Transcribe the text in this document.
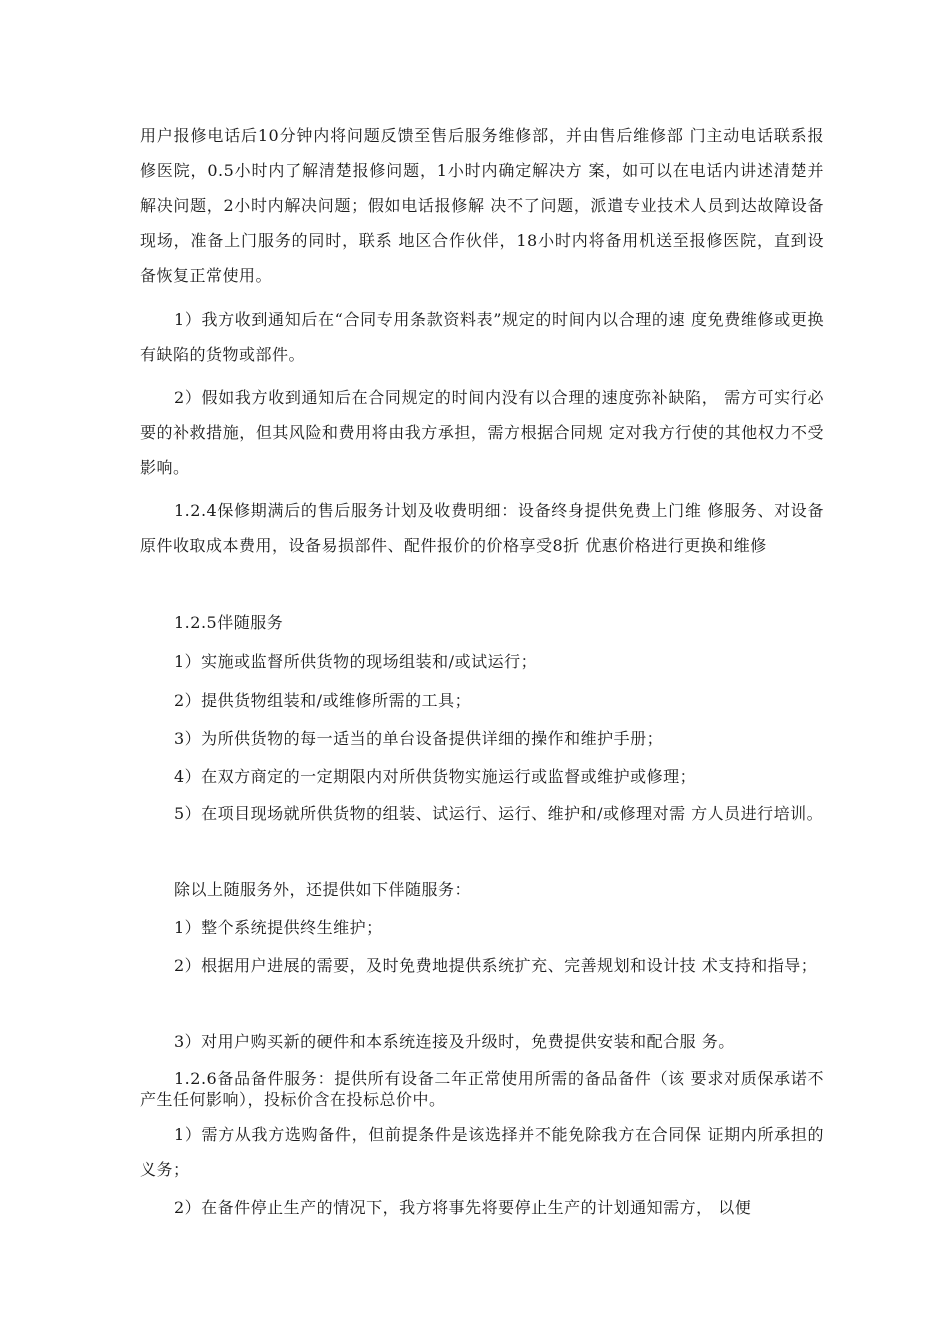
用户报修电话后10分钟内将问题反馈至售后服务维修部，并由售后维修部 门主动电话联系报修医院，0.5小时内了解清楚报修问题，1小时内确定解决方 案，如可以在电话内讲述清楚并解决问题，2小时内解决问题；假如电话报修解 决不了问题，派遣专业技术人员到达故障设备现场，准备上门服务的同时，联系 地区合作伙伴，18小时内将备用机送至报修医院，直到设备恢复正常使用。

1）我方收到通知后在“合同专用条款资料表”规定的时间内以合理的速 度免费维修或更换有缺陷的货物或部件。

2）假如我方收到通知后在合同规定的时间内没有以合理的速度弥补缺陷， 需方可实行必要的补救措施，但其风险和费用将由我方承担，需方根据合同规 定对我方行使的其他权力不受影响。

1.2.4保修期满后的售后服务计划及收费明细：设备终身提供免费上门维 修服务、对设备原件收取成本费用，设备易损部件、配件报价的价格享受8折 优惠价格进行更换和维修

1.2.5伴随服务

1）实施或监督所供货物的现场组装和/或试运行；

2）提供货物组装和/或维修所需的工具；

3）为所供货物的每一适当的单台设备提供详细的操作和维护手册；

4）在双方商定的一定期限内对所供货物实施运行或监督或维护或修理；

5）在项目现场就所供货物的组装、试运行、运行、维护和/或修理对需 方人员进行培训。

除以上随服务外，还提供如下伴随服务：

1）整个系统提供终生维护；

2）根据用户进展的需要，及时免费地提供系统扩充、完善规划和设计技 术支持和指导；

3）对用户购买新的硬件和本系统连接及升级时，免费提供安装和配合服 务。

1.2.6备品备件服务：提供所有设备二年正常使用所需的备品备件（该 要求对质保承诺不产生任何影响），投标价含在投标总价中。

1）需方从我方选购备件，但前提条件是该选择并不能免除我方在合同保 证期内所承担的义务；

2）在备件停止生产的情况下，我方将事先将要停止生产的计划通知需方， 以便
